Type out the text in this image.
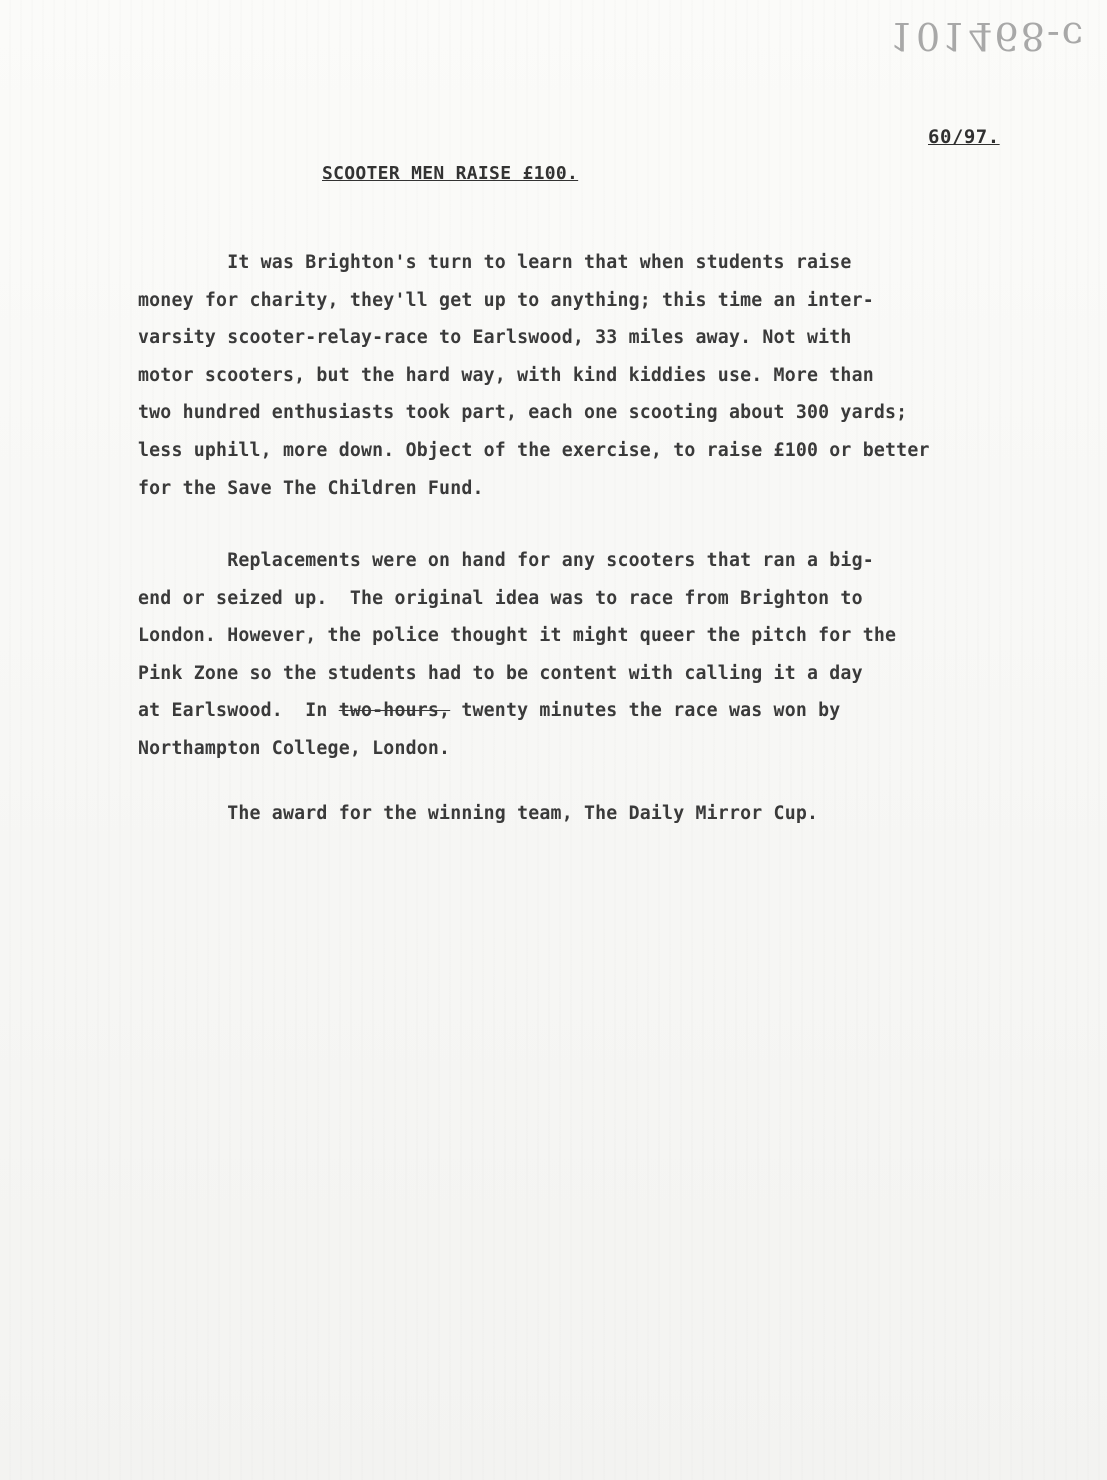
101468-c
60/97.
SCOOTER MEN RAISE £100.
It was Brighton's turn to learn that when students raise
money for charity, they'll get up to anything; this time an inter-
varsity scooter-relay-race to Earlswood, 33 miles away. Not with
motor scooters, but the hard way, with kind kiddies use. More than
two hundred enthusiasts took part, each one scooting about 300 yards;
less uphill, more down. Object of the exercise, to raise £100 or better
for the Save The Children Fund.
Replacements were on hand for any scooters that ran a big-
end or seized up.  The original idea was to race from Brighton to
London. However, the police thought it might queer the pitch for the
Pink Zone so the students had to be content with calling it a day
at Earlswood.  In two-hours, twenty minutes the race was won by
Northampton College, London.
The award for the winning team, The Daily Mirror Cup.
